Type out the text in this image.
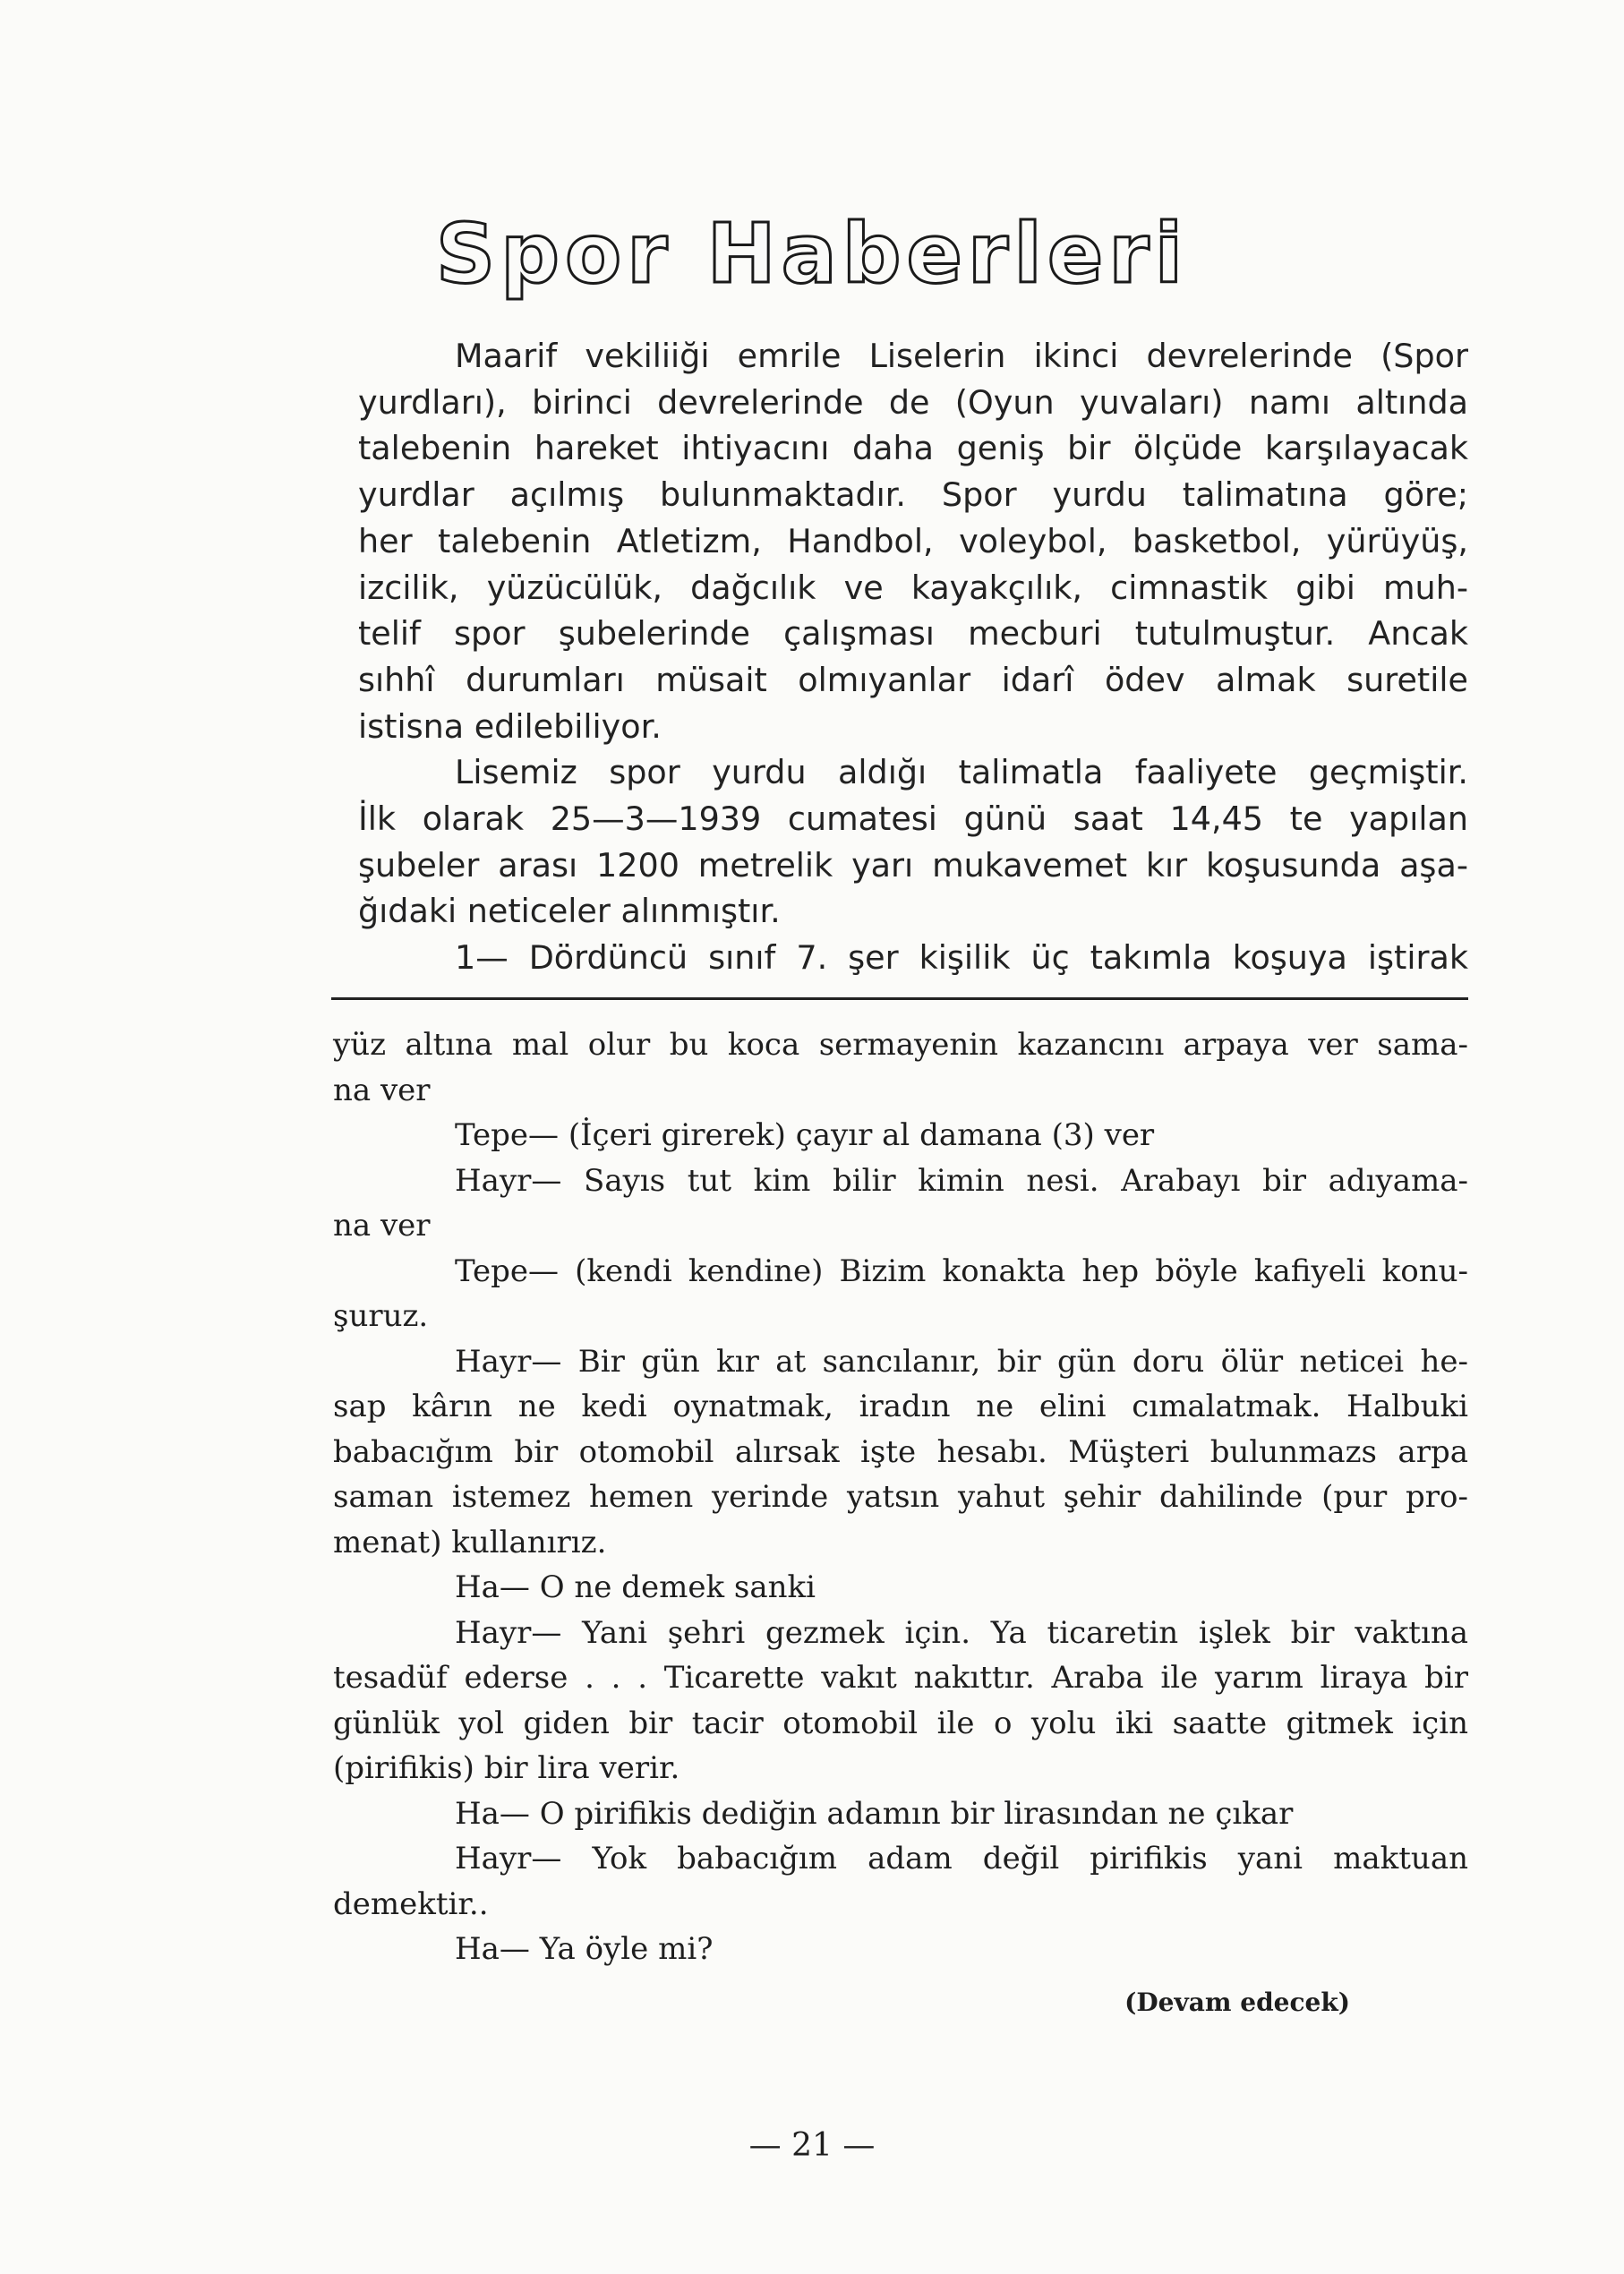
Spor Haberleri
Maarif vekiliiği emrile Liselerin ikinci devrelerinde (Spor
yurdları), birinci devrelerinde de (Oyun yuvaları) namı altında
talebenin hareket ihtiyacını daha geniş bir ölçüde karşılayacak
yurdlar açılmış bulunmaktadır. Spor yurdu talimatına göre;
her talebenin Atletizm, Handbol, voleybol, basketbol, yürüyüş,
izcilik, yüzücülük, dağcılık ve kayakçılık, cimnastik gibi muh-
telif spor şubelerinde çalışması mecburi tutulmuştur. Ancak
sıhhî durumları müsait olmıyanlar idarî ödev almak suretile
istisna edilebiliyor.
Lisemiz spor yurdu aldığı talimatla faaliyete geçmiştir.
İlk olarak 25—3—1939 cumatesi günü saat 14,45 te yapılan
şubeler arası 1200 metrelik yarı mukavemet kır koşusunda aşa-
ğıdaki neticeler alınmıştır.
1— Dördüncü sınıf 7. şer kişilik üç takımla koşuya iştirak
yüz altına mal olur bu koca sermayenin kazancını arpaya ver sama-
na ver
Tepe— (İçeri girerek) çayır al damana (3) ver
Hayr— Sayıs tut kim bilir kimin nesi. Arabayı bir adıyama-
na ver
Tepe— (kendi kendine) Bizim konakta hep böyle kafiyeli konu-
şuruz.
Hayr— Bir gün kır at sancılanır, bir gün doru ölür neticei he-
sap kârın ne kedi oynatmak, iradın ne elini cımalatmak. Halbuki
babacığım bir otomobil alırsak işte hesabı. Müşteri bulunmazs arpa
saman istemez hemen yerinde yatsın yahut şehir dahilinde (pur pro-
menat) kullanırız.
Ha— O ne demek sanki
Hayr— Yani şehri gezmek için. Ya ticaretin işlek bir vaktına
tesadüf ederse . . . Ticarette vakıt nakıttır. Araba ile yarım liraya bir
günlük yol giden bir tacir otomobil ile o yolu iki saatte gitmek için
(pirifikis) bir lira verir.
Ha— O pirifikis dediğin adamın bir lirasından ne çıkar
Hayr— Yok babacığım adam değil pirifikis yani maktuan
demektir..
Ha— Ya öyle mi?
(Devam edecek)
— 21 —
